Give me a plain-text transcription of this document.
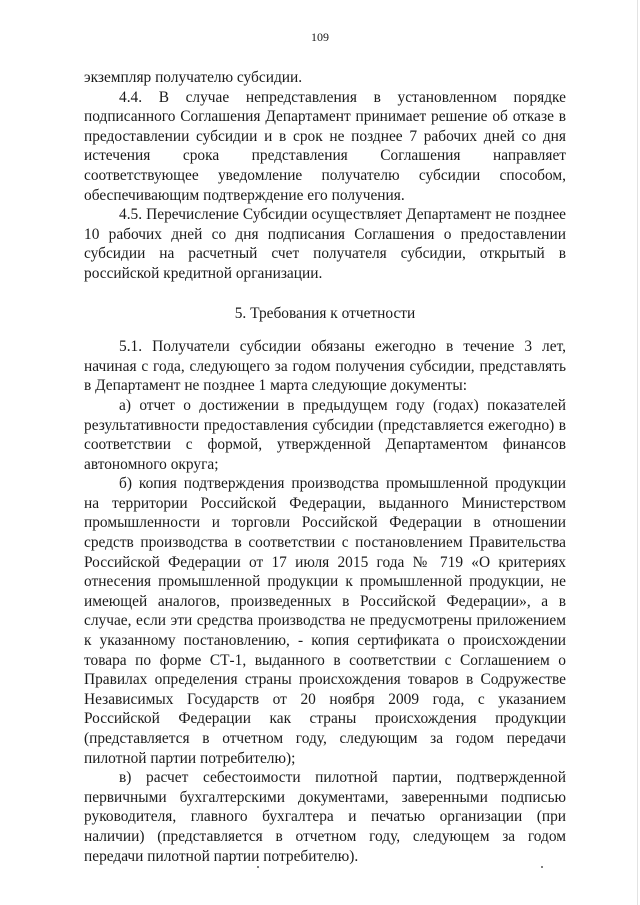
109

экземпляр получателю субсидии.

4.4. В случае непредставления в установленном порядке подписанного Соглашения Департамент принимает решение об отказе в предоставлении субсидии и в срок не позднее 7 рабочих дней со дня истечения срока представления Соглашения направляет соответствующее уведомление получателю субсидии способом, обеспечивающим подтверждение его получения.

4.5. Перечисление Субсидии осуществляет Департамент не позднее 10 рабочих дней со дня подписания Соглашения о предоставлении субсидии на расчетный счет получателя субсидии, открытый в российской кредитной организации.

5. Требования к отчетности

5.1. Получатели субсидии обязаны ежегодно в течение 3 лет, начиная с года, следующего за годом получения субсидии, представлять в Департамент не позднее 1 марта следующие документы:

а) отчет о достижении в предыдущем году (годах) показателей результативности предоставления субсидии (представляется ежегодно) в соответствии с формой, утвержденной Департаментом финансов автономного округа;

б) копия подтверждения производства промышленной продукции на территории Российской Федерации, выданного Министерством промышленности и торговли Российской Федерации в отношении средств производства в соответствии с постановлением Правительства Российской Федерации от 17 июля 2015 года № 719 «О критериях отнесения промышленной продукции к промышленной продукции, не имеющей аналогов, произведенных в Российской Федерации», а в случае, если эти средства производства не предусмотрены приложением к указанному постановлению, - копия сертификата о происхождении товара по форме СТ-1, выданного в соответствии с Соглашением о Правилах определения страны происхождения товаров в Содружестве Независимых Государств от 20 ноября 2009 года, с указанием Российской Федерации как страны происхождения продукции (представляется в отчетном году, следующим за годом передачи пилотной партии потребителю);

в) расчет себестоимости пилотной партии, подтвержденной первичными бухгалтерскими документами, заверенными подписью руководителя, главного бухгалтера и печатью организации (при наличии) (представляется в отчетном году, следующем за годом передачи пилотной партии потребителю).
